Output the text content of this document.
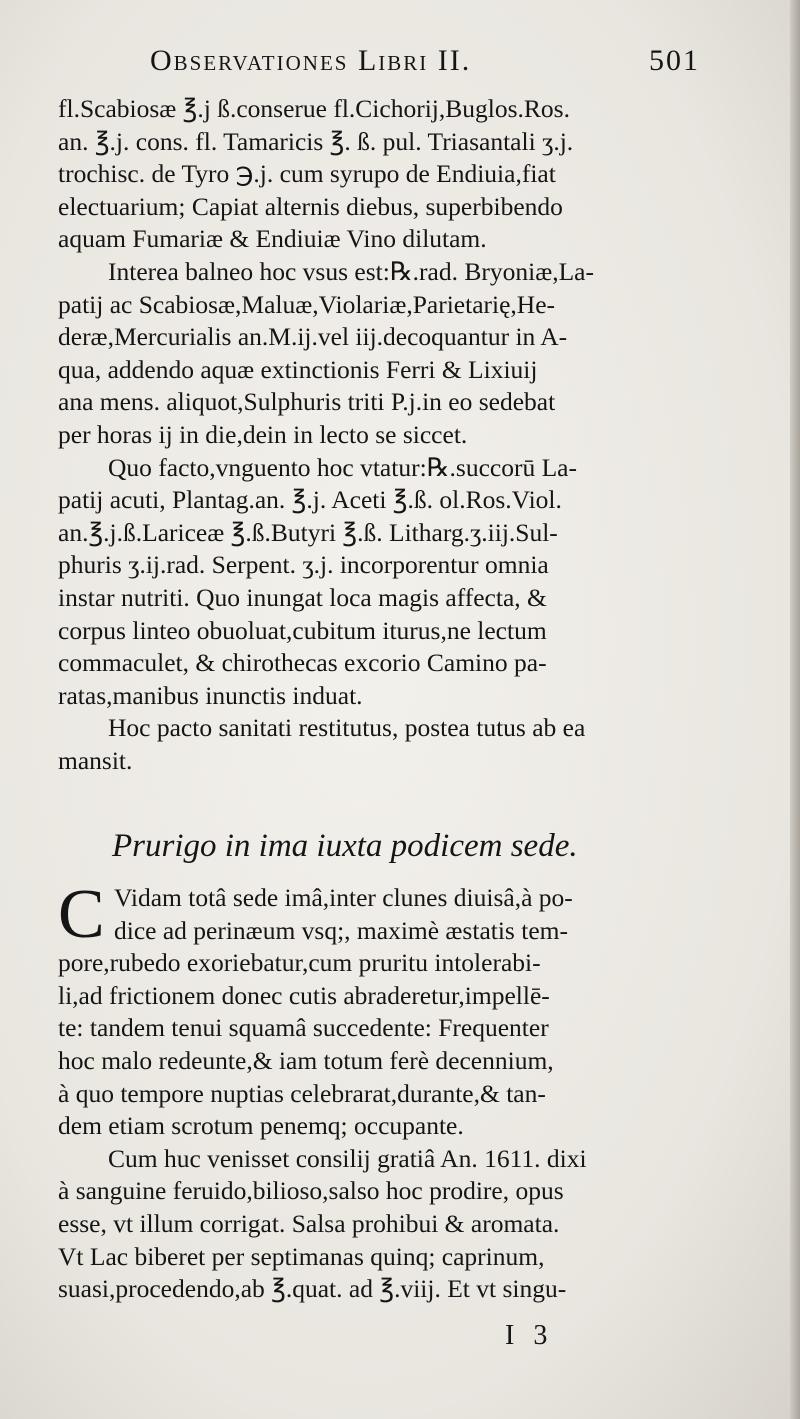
Observationes Libri II.	501
fl.Scabiosæ ℥.j ß.conserue fl.Cichorij,Buglos.Ros.
an. ℥.j. cons. fl. Tamaricis ℥. ß. pul. Triasantali ʒ.j.
trochisc. de Tyro ℈.j. cum syrupo de Endiuia,fiat
electuarium; Capiat alternis diebus, superbibendo
aquam Fumariæ & Endiuiæ Vino dilutam.
Interea balneo hoc vsus est:℞.rad. Bryoniæ,La-
patij ac Scabiosæ,Maluæ,Violariæ,Parietarię,He-
deræ,Mercurialis an.M.ij.vel iij.decoquantur in A-
qua, addendo aquæ extinctionis Ferri & Lixiuij
ana mens. aliquot,Sulphuris triti P.j.in eo sedebat
per horas ij in die,dein in lecto se siccet.
Quo facto,vnguento hoc vtatur:℞.succorū La-
patij acuti, Plantag.an. ℥.j. Aceti ℥.ß. ol.Ros.Viol.
an.℥.j.ß.Lariceæ ℥.ß.Butyri ℥.ß. Litharg.ʒ.iij.Sul-
phuris ʒ.ij.rad. Serpent. ʒ.j. incorporentur omnia
instar nutriti. Quo inungat loca magis affecta, &
corpus linteo obuoluat,cubitum iturus,ne lectum
commaculet, & chirothecas excorio Camino pa-
ratas,manibus inunctis induat.
Hoc pacto sanitati restitutus, postea tutus ab ea
mansit.
Prurigo in ima iuxta podicem sede.
C Vidam totâ sede imâ,inter clunes diuisâ,à po-
dice ad perinæum vsq;, maximè æstatis tem-
pore,rubedo exoriebatur,cum pruritu intolerabi-
li,ad frictionem donec cutis abraderetur,impellē-
te: tandem tenui squamâ succedente: Frequenter
hoc malo redeunte,& iam totum ferè decennium,
à quo tempore nuptias celebrarat,durante,& tan-
dem etiam scrotum penemq; occupante.
Cum huc venisset consilij gratiâ An. 1611. dixi
à sanguine feruido,bilioso,salso hoc prodire, opus
esse, vt illum corrigat. Salsa prohibui & aromata.
Vt Lac biberet per septimanas quinq; caprinum,
suasi,procedendo,ab ℥.quat. ad ℥.viij. Et vt singu-
I 3
